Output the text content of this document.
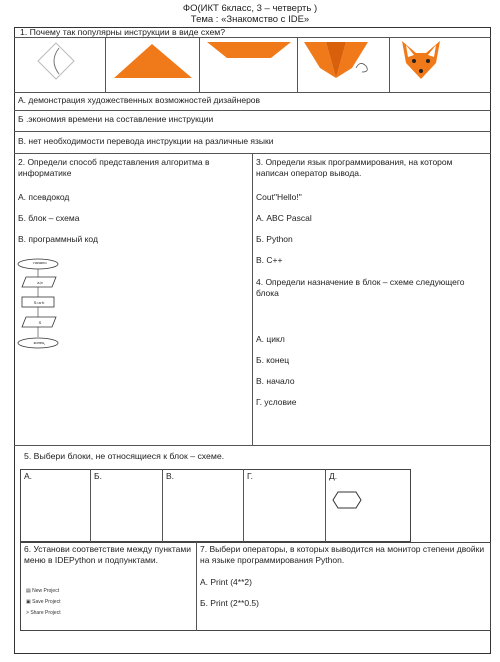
ФО(ИКТ 6класс, 3 – четверть )
Тема : «Знакомство с IDE»
1. Почему так популярны инструкции в виде схем?
А. демонстрация художественных возможностей дизайнеров
Б .экономия времени на составление инструкции
В. нет необходимости перевода инструкции на различные языки
2. Определи способ представления алгоритма в информатике
А. псевдокод
Б. блок – схема
В. программный код
начало
a,b
S=a·b
S
конец
3. Определи язык программирования, на котором написан оператор вывода.
Cout"Hello!"
А. ABC Pascal
Б. Python
В. С++
4. Определи назначение в блок – схеме следующего блока
А. цикл
Б. конец
В. начало
Г. условие
5. Выбери блоки, не относящиеся к блок – схеме.
А.	Б.	В.	Г.	Д.
6. Установи соответствие между пунктами меню в IDEPython и подпунктами.
▤ New Project
▣ Save Project
> Share Project
7. Выбери операторы, в которых выводится на монитор степени двойки на языке программирования Python.
А. Print (4**2)
Б. Print (2**0.5)
